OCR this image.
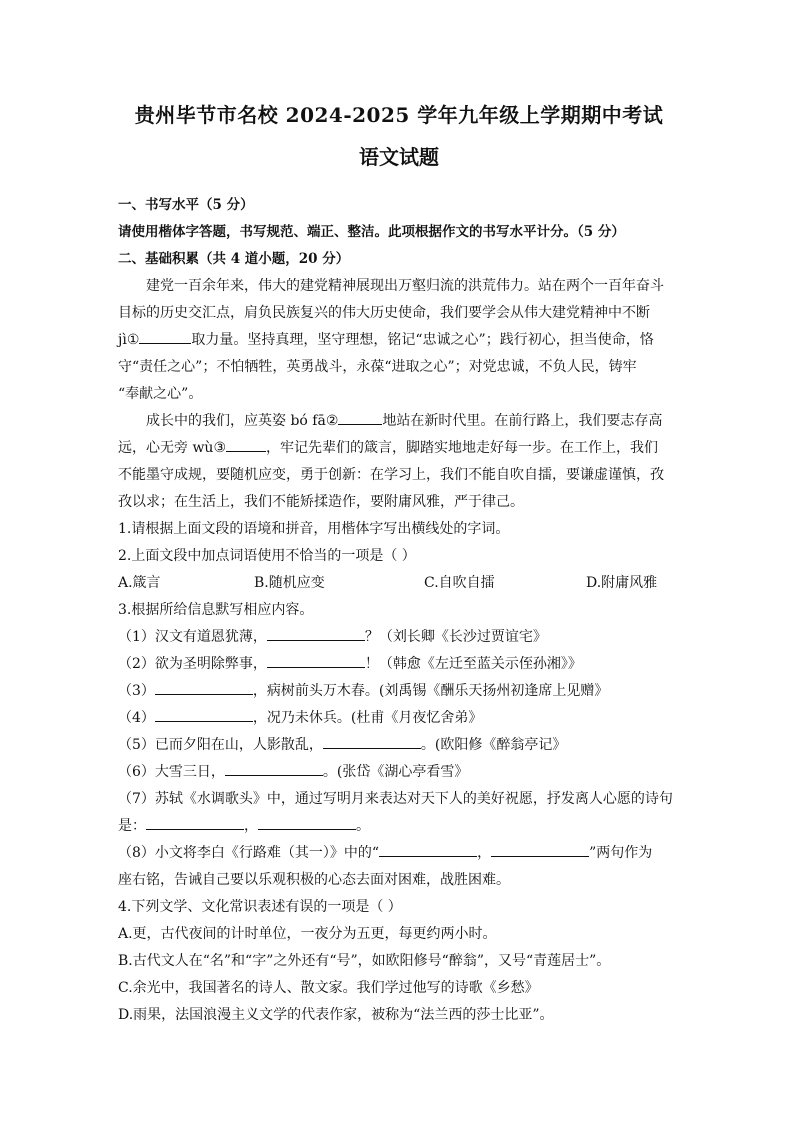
贵州毕节市名校 2024-2025 学年九年级上学期期中考试
语文试题
一、书写水平（5 分）
请使用楷体字答题，书写规范、端正、整洁。此项根据作文的书写水平计分。（5 分）
二、基础积累（共 4 道小题，20 分）

建党一百余年来，伟大的建党精神展现出万壑归流的洪荒伟力。站在两个一百年奋斗

目标的历史交汇点，肩负民族复兴的伟大历史使命，我们要学会从伟大建党精神中不断

jì①	取力量。坚持真理，坚守理想，铭记“忠诚之心”；践行初心，担当使命，恪

守“责任之心”；不怕牺牲，英勇战斗，永葆“进取之心”；对党忠诚，不负人民，铸牢

“奉献之心”。

成长中的我们，应英姿 bó fā②	地站在新时代里。在前行路上，我们要志存高

远，心无旁 wù③	，牢记先辈们的箴言，脚踏实地地走好每一步。在工作上，我们

不能墨守成规，要随机应变，勇于创新：在学习上，我们不能自吹自擂，要谦虚谨慎，孜

孜以求；在生活上，我们不能矫揉造作，要附庸风雅，严于律己。

1.请根据上面文段的语境和拼音，用楷体字写出横线处的字词。

2.上面文段中加点词语使用不恰当的一项是（ ）

A.箴言	B.随机应变	C.自吹自擂	D.附庸风雅

3.根据所给信息默写相应内容。

（1）汉文有道恩犹薄，	？（刘长卿《长沙过贾谊宅》

（2）欲为圣明除弊事，	！（韩愈《左迁至蓝关示侄孙湘》》

（3）	，病树前头万木春。(刘禹锡《酬乐天扬州初逢席上见赠》

（4）	，况乃未休兵。(杜甫《月夜忆舍弟》

（5）已而夕阳在山，人影散乱，	。(欧阳修《醉翁亭记》

（6）大雪三日，	。(张岱《湖心亭看雪》

（7）苏轼《水调歌头》中，通过写明月来表达对天下人的美好祝愿，抒发离人心愿的诗句

是：	，	。

（8）小文将李白《行路难（其一）》中的“	，	”两句作为

座右铭，告诫自己要以乐观积极的心态去面对困难，战胜困难。

4.下列文学、文化常识表述有误的一项是（ ）

A.更，古代夜间的计时单位，一夜分为五更，每更约两小时。

B.古代文人在“名”和“字”之外还有“号”，如欧阳修号“醉翁”，又号“青莲居士”。

C.余光中，我国著名的诗人、散文家。我们学过他写的诗歌《乡愁》

D.雨果，法国浪漫主义文学的代表作家，被称为“法兰西的莎士比亚”。
